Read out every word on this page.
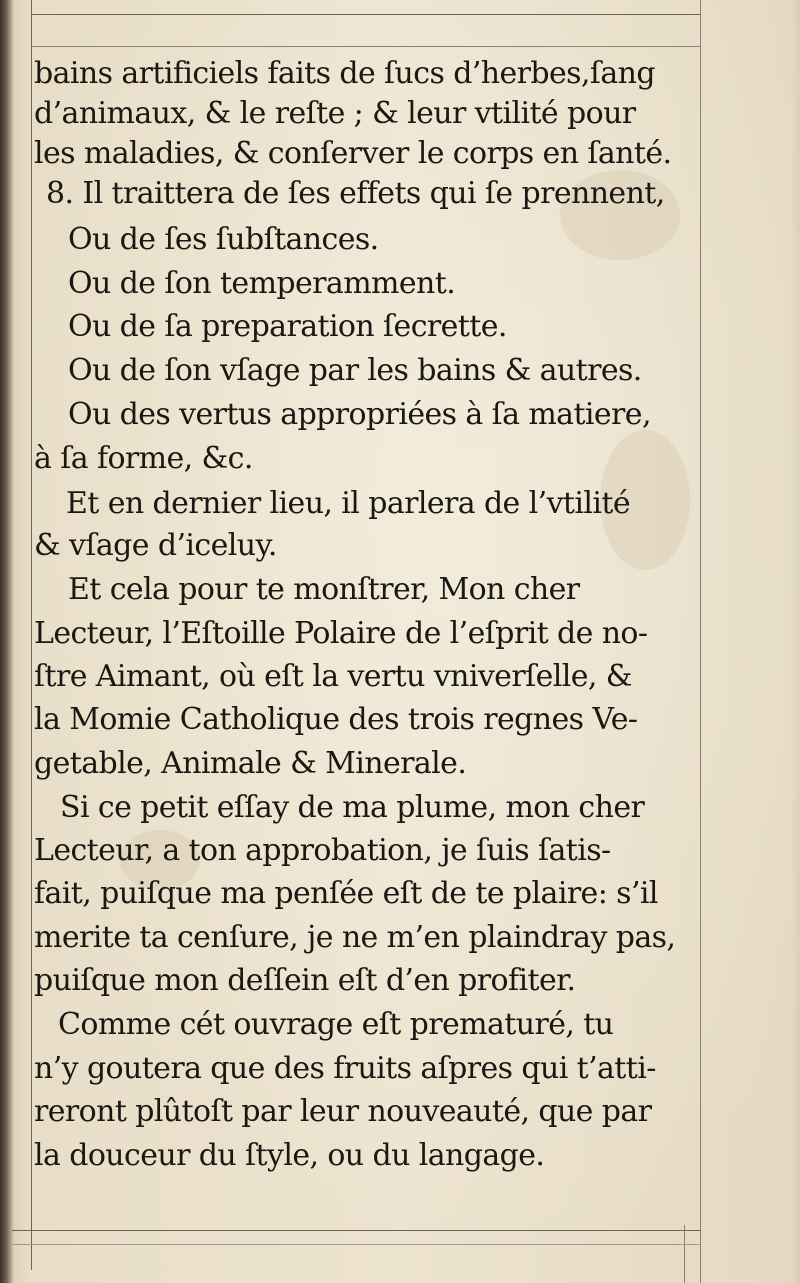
bains artificiels faits de ſucs d’herbes,ſang
d’animaux, & le reſte ; & leur vtilité pour
les maladies, & conſerver le corps en ſanté.
8. Il traittera de ſes effets qui ſe prennent,
Ou de ſes ſubſtances.
Ou de ſon temperamment.
Ou de ſa preparation ſecrette.
Ou de ſon vſage par les bains & autres.
Ou des vertus appropriées à ſa matiere,
à ſa forme, &c.
Et en dernier lieu, il parlera de l’vtilité
& vſage d’iceluy.
Et cela pour te monſtrer, Mon cher
Lecteur, l’Eſtoille Polaire de l’eſprit de no-
ſtre Aimant, où eſt la vertu vniverſelle, &
la Momie Catholique des trois regnes Ve-
getable, Animale & Minerale.
Si ce petit eſſay de ma plume, mon cher
Lecteur, a ton approbation, je ſuis ſatis-
fait, puiſque ma penſée eſt de te plaire: s’il
merite ta cenſure, je ne m’en plaindray pas,
puiſque mon deſſein eſt d’en profiter.
Comme cét ouvrage eſt prematuré, tu
n’y goutera que des fruits aſpres qui t’atti-
reront plûtoſt par leur nouveauté, que par
la douceur du ſtyle, ou du langage.
